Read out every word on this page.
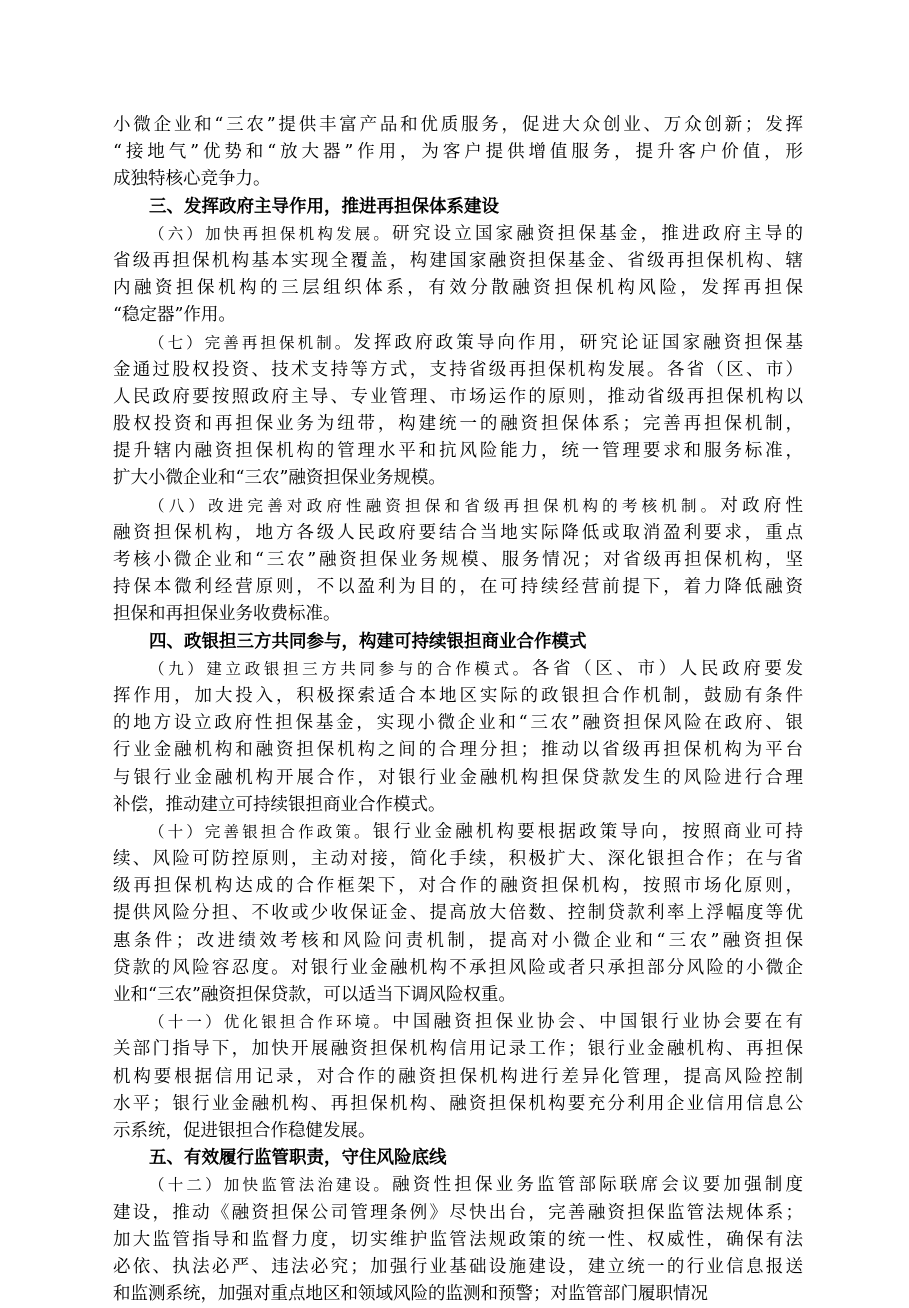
小微企业和“三农”提供丰富产品和优质服务，促进大众创业、万众创新；发挥
“接地气”优势和“放大器”作用，为客户提供增值服务，提升客户价值，形
成独特核心竞争力。
三、发挥政府主导作用，推进再担保体系建设
（六）加快再担保机构发展。研究设立国家融资担保基金，推进政府主导的
省级再担保机构基本实现全覆盖，构建国家融资担保基金、省级再担保机构、辖
内融资担保机构的三层组织体系，有效分散融资担保机构风险，发挥再担保
“稳定器”作用。
（七）完善再担保机制。发挥政府政策导向作用，研究论证国家融资担保基
金通过股权投资、技术支持等方式，支持省级再担保机构发展。各省（区、市）
人民政府要按照政府主导、专业管理、市场运作的原则，推动省级再担保机构以
股权投资和再担保业务为纽带，构建统一的融资担保体系；完善再担保机制，
提升辖内融资担保机构的管理水平和抗风险能力，统一管理要求和服务标准，
扩大小微企业和“三农”融资担保业务规模。
（八）改进完善对政府性融资担保和省级再担保机构的考核机制。对政府性
融资担保机构，地方各级人民政府要结合当地实际降低或取消盈利要求，重点
考核小微企业和“三农”融资担保业务规模、服务情况；对省级再担保机构，坚
持保本微利经营原则，不以盈利为目的，在可持续经营前提下，着力降低融资
担保和再担保业务收费标准。
四、政银担三方共同参与，构建可持续银担商业合作模式
（九）建立政银担三方共同参与的合作模式。各省（区、市）人民政府要发
挥作用，加大投入，积极探索适合本地区实际的政银担合作机制，鼓励有条件
的地方设立政府性担保基金，实现小微企业和“三农”融资担保风险在政府、银
行业金融机构和融资担保机构之间的合理分担；推动以省级再担保机构为平台
与银行业金融机构开展合作，对银行业金融机构担保贷款发生的风险进行合理
补偿，推动建立可持续银担商业合作模式。
（十）完善银担合作政策。银行业金融机构要根据政策导向，按照商业可持
续、风险可防控原则，主动对接，简化手续，积极扩大、深化银担合作；在与省
级再担保机构达成的合作框架下，对合作的融资担保机构，按照市场化原则，
提供风险分担、不收或少收保证金、提高放大倍数、控制贷款利率上浮幅度等优
惠条件；改进绩效考核和风险问责机制，提高对小微企业和“三农”融资担保
贷款的风险容忍度。对银行业金融机构不承担风险或者只承担部分风险的小微企
业和“三农”融资担保贷款，可以适当下调风险权重。
（十一）优化银担合作环境。中国融资担保业协会、中国银行业协会要在有
关部门指导下，加快开展融资担保机构信用记录工作；银行业金融机构、再担保
机构要根据信用记录，对合作的融资担保机构进行差异化管理，提高风险控制
水平；银行业金融机构、再担保机构、融资担保机构要充分利用企业信用信息公
示系统，促进银担合作稳健发展。
五、有效履行监管职责，守住风险底线
（十二）加快监管法治建设。融资性担保业务监管部际联席会议要加强制度
建设，推动《融资担保公司管理条例》尽快出台，完善融资担保监管法规体系；
加大监管指导和监督力度，切实维护监管法规政策的统一性、权威性，确保有法
必依、执法必严、违法必究；加强行业基础设施建设，建立统一的行业信息报送
和监测系统，加强对重点地区和领域风险的监测和预警；对监管部门履职情况
